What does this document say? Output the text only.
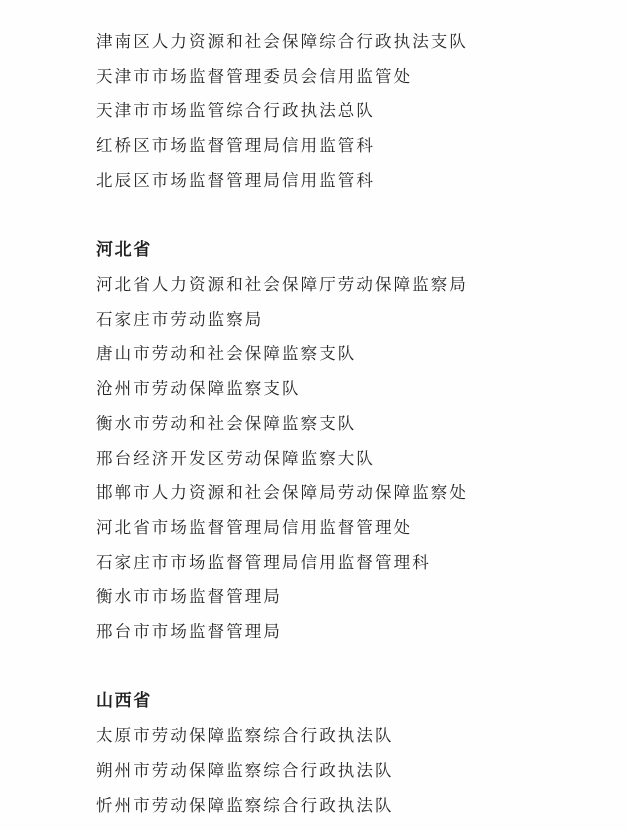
津南区人力资源和社会保障综合行政执法支队
天津市市场监督管理委员会信用监管处
天津市市场监管综合行政执法总队
红桥区市场监督管理局信用监管科
北辰区市场监督管理局信用监管科
河北省
河北省人力资源和社会保障厅劳动保障监察局
石家庄市劳动监察局
唐山市劳动和社会保障监察支队
沧州市劳动保障监察支队
衡水市劳动和社会保障监察支队
邢台经济开发区劳动保障监察大队
邯郸市人力资源和社会保障局劳动保障监察处
河北省市场监督管理局信用监督管理处
石家庄市市场监督管理局信用监督管理科
衡水市市场监督管理局
邢台市市场监督管理局
山西省
太原市劳动保障监察综合行政执法队
朔州市劳动保障监察综合行政执法队
忻州市劳动保障监察综合行政执法队
